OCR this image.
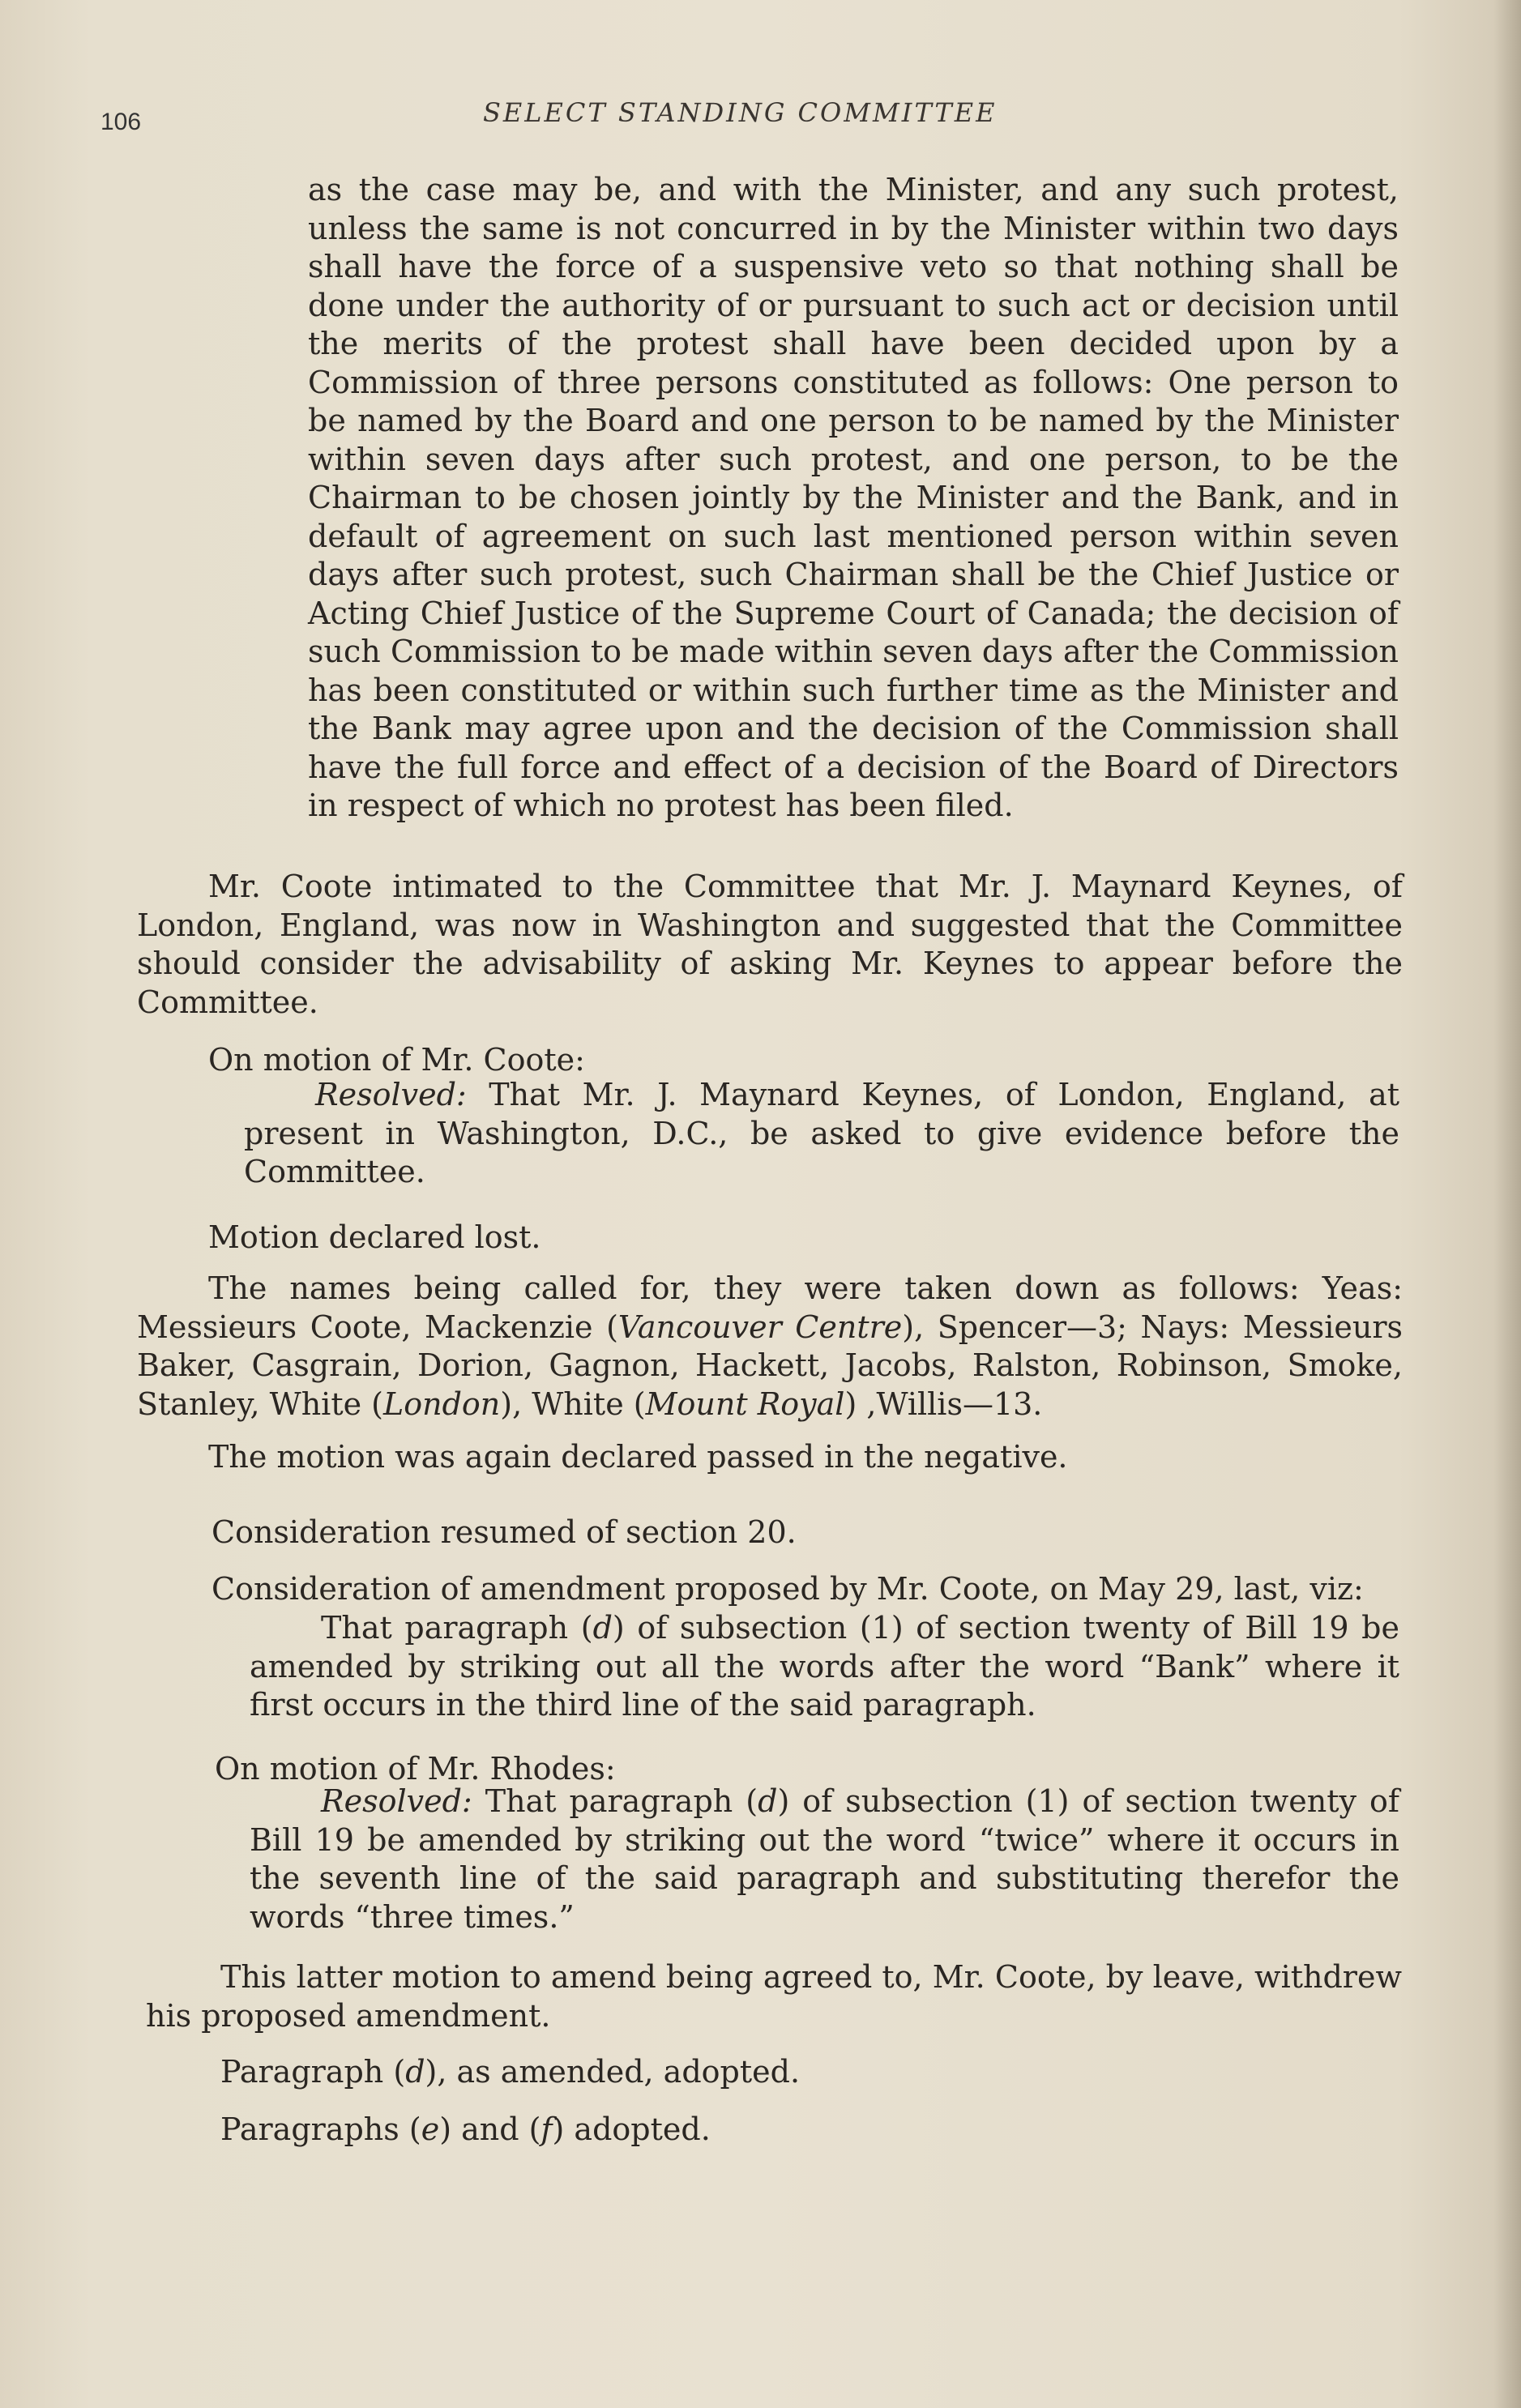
106	SELECT STANDING COMMITTEE
as the case may be, and with the Minister, and any such protest, unless the same is not concurred in by the Minister within two days shall have the force of a suspensive veto so that nothing shall be done under the authority of or pursuant to such act or decision until the merits of the protest shall have been decided upon by a Commission of three persons constituted as follows: One person to be named by the Board and one person to be named by the Minister within seven days after such protest, and one person, to be the Chairman to be chosen jointly by the Minister and the Bank, and in default of agreement on such last mentioned person within seven days after such protest, such Chairman shall be the Chief Justice or Acting Chief Justice of the Supreme Court of Canada; the decision of such Commission to be made within seven days after the Commission has been constituted or within such further time as the Minister and the Bank may agree upon and the decision of the Commission shall have the full force and effect of a decision of the Board of Directors in respect of which no protest has been filed.
Mr. Coote intimated to the Committee that Mr. J. Maynard Keynes, of London, England, was now in Washington and suggested that the Committee should consider the advisability of asking Mr. Keynes to appear before the Committee.
On motion of Mr. Coote:
Resolved: That Mr. J. Maynard Keynes, of London, England, at present in Washington, D.C., be asked to give evidence before the Committee.
Motion declared lost.
The names being called for, they were taken down as follows: Yeas: Messieurs Coote, Mackenzie (Vancouver Centre), Spencer—3; Nays: Messieurs Baker, Casgrain, Dorion, Gagnon, Hackett, Jacobs, Ralston, Robinson, Smoke, Stanley, White (London), White (Mount Royal) ,Willis—13.
The motion was again declared passed in the negative.
Consideration resumed of section 20.
Consideration of amendment proposed by Mr. Coote, on May 29, last, viz:
That paragraph (d) of subsection (1) of section twenty of Bill 19 be amended by striking out all the words after the word “Bank” where it first occurs in the third line of the said paragraph.
On motion of Mr. Rhodes:
Resolved: That paragraph (d) of subsection (1) of section twenty of Bill 19 be amended by striking out the word “twice” where it occurs in the seventh line of the said paragraph and substituting therefor the words “three times.”
This latter motion to amend being agreed to, Mr. Coote, by leave, withdrew his proposed amendment.
Paragraph (d), as amended, adopted.
Paragraphs (e) and (f) adopted.
